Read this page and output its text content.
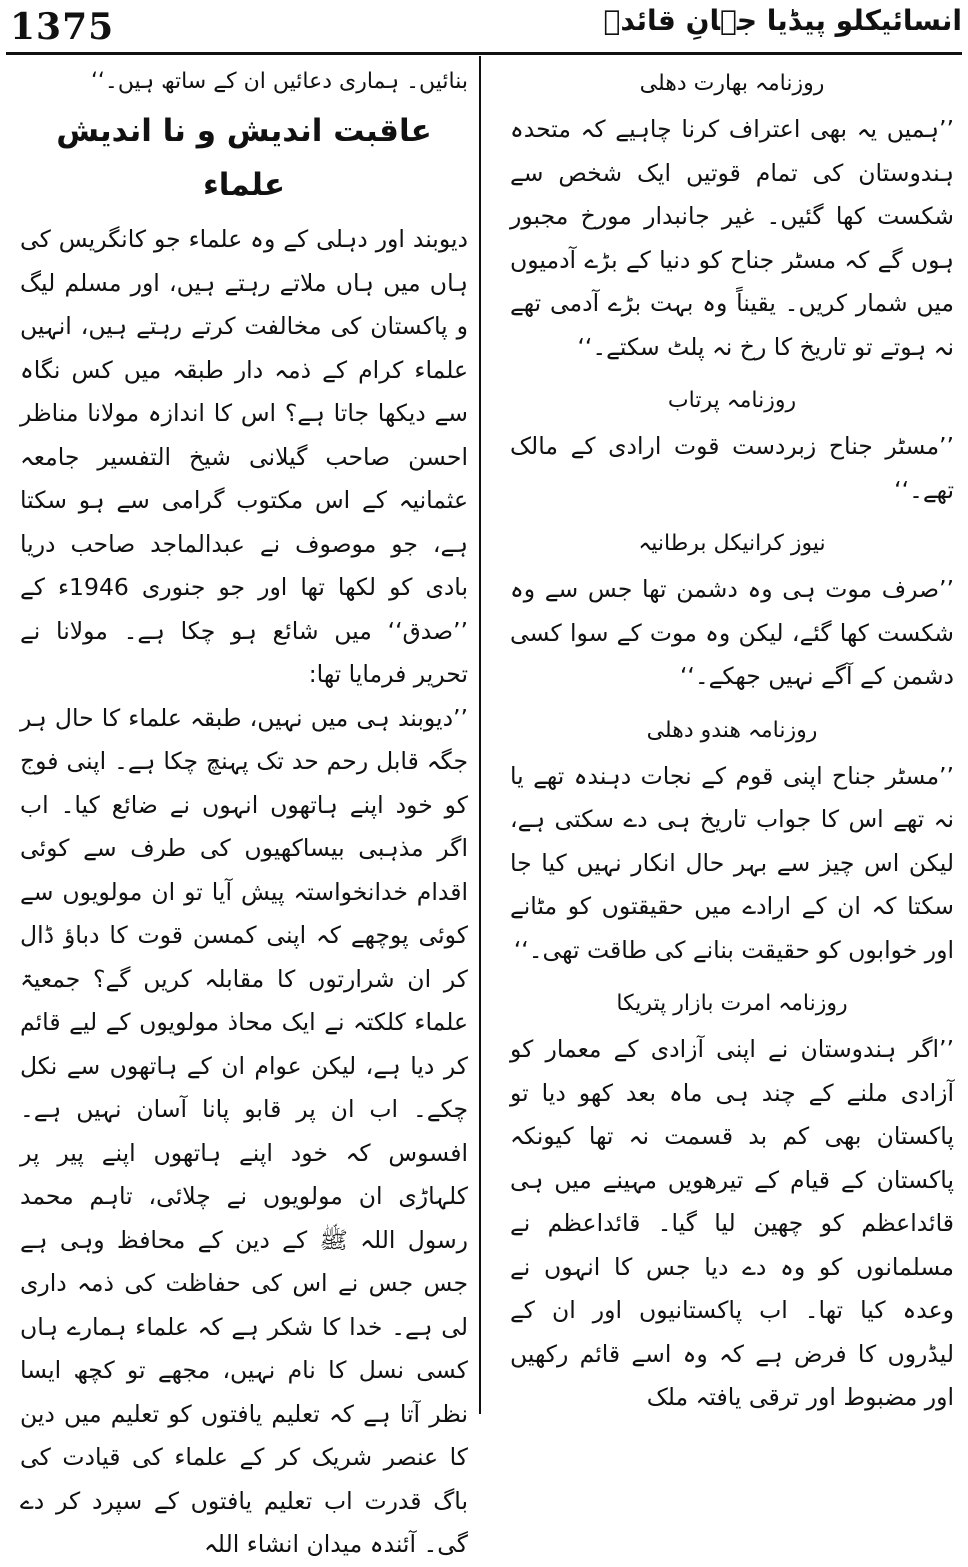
1375	انسائیکلو پیڈیا جہانِ قائدؒ
روزنامہ بھارت دھلی

’’ہمیں یہ بھی اعتراف کرنا چاہیے کہ متحدہ ہندوستان کی تمام قوتیں ایک شخص سے شکست کھا گئیں۔ غیر جانبدار مورخ مجبور ہوں گے کہ مسٹر جناح کو دنیا کے بڑے آدمیوں میں شمار کریں۔ یقیناً وہ بہت بڑے آدمی تھے نہ ہوتے تو تاریخ کا رخ نہ پلٹ سکتے۔‘‘

روزنامہ پرتاب

’’مسٹر جناح زبردست قوت ارادی کے مالک تھے۔‘‘

نیوز کرانیکل برطانیہ

’’صرف موت ہی وہ دشمن تھا جس سے وہ شکست کھا گئے، لیکن وہ موت کے سوا کسی دشمن کے آگے نہیں جھکے۔‘‘

روزنامہ ھندو دھلی

’’مسٹر جناح اپنی قوم کے نجات دہندہ تھے یا نہ تھے اس کا جواب تاریخ ہی دے سکتی ہے، لیکن اس چیز سے بہر حال انکار نہیں کیا جا سکتا کہ ان کے ارادے میں حقیقتوں کو مٹانے اور خوابوں کو حقیقت بنانے کی طاقت تھی۔‘‘

روزنامہ امرت بازار پتریکا

’’اگر ہندوستان نے اپنی آزادی کے معمار کو آزادی ملنے کے چند ہی ماہ بعد کھو دیا تو پاکستان بھی کم بد قسمت نہ تھا کیونکہ پاکستان کے قیام کے تیرھویں مہینے میں ہی قائداعظم کو چھین لیا گیا۔ قائداعظم نے مسلمانوں کو وہ دے دیا جس کا انہوں نے وعدہ کیا تھا۔ اب پاکستانیوں اور ان کے لیڈروں کا فرض ہے کہ وہ اسے قائم رکھیں اور مضبوط اور ترقی یافتہ ملک

بنائیں۔ ہماری دعائیں ان کے ساتھ ہیں۔‘‘

عاقبت اندیش و نا اندیش علماء

دیوبند اور دہلی کے وہ علماء جو کانگریس کی ہاں میں ہاں ملاتے رہتے ہیں، اور مسلم لیگ و پاکستان کی مخالفت کرتے رہتے ہیں، انہیں علماء کرام کے ذمہ دار طبقہ میں کس نگاہ سے دیکھا جاتا ہے؟ اس کا اندازہ مولانا مناظر احسن صاحب گیلانی شیخ التفسیر جامعہ عثمانیہ کے اس مکتوب گرامی سے ہو سکتا ہے، جو موصوف نے عبدالماجد صاحب دریا بادی کو لکھا تھا اور جو جنوری 1946ء کے ’’صدق‘‘ میں شائع ہو چکا ہے۔ مولانا نے تحریر فرمایا تھا:

’’دیوبند ہی میں نہیں، طبقہ علماء کا حال ہر جگہ قابل رحم حد تک پہنچ چکا ہے۔ اپنی فوج کو خود اپنے ہاتھوں انہوں نے ضائع کیا۔ اب اگر مذہبی بیساکھیوں کی طرف سے کوئی اقدام خدانخواستہ پیش آیا تو ان مولویوں سے کوئی پوچھے کہ اپنی کمسن قوت کا دباؤ ڈال کر ان شرارتوں کا مقابلہ کریں گے؟ جمعیۃ علماء کلکتہ نے ایک محاذ مولویوں کے لیے قائم کر دیا ہے، لیکن عوام ان کے ہاتھوں سے نکل چکے۔ اب ان پر قابو پانا آسان نہیں ہے۔ افسوس کہ خود اپنے ہاتھوں اپنے پیر پر کلہاڑی ان مولویوں نے چلائی، تاہم محمد رسول اللہ ﷺ کے دین کے محافظ وہی ہے جس جس نے اس کی حفاظت کی ذمہ داری لی ہے۔ خدا کا شکر ہے کہ علماء ہمارے ہاں کسی نسل کا نام نہیں، مجھے تو کچھ ایسا نظر آتا ہے کہ تعلیم یافتوں کو تعلیم میں دین کا عنصر شریک کر کے علماء کی قیادت کی باگ قدرت اب تعلیم یافتوں کے سپرد کر دے گی۔ آئندہ میدان انشاء اللہ
